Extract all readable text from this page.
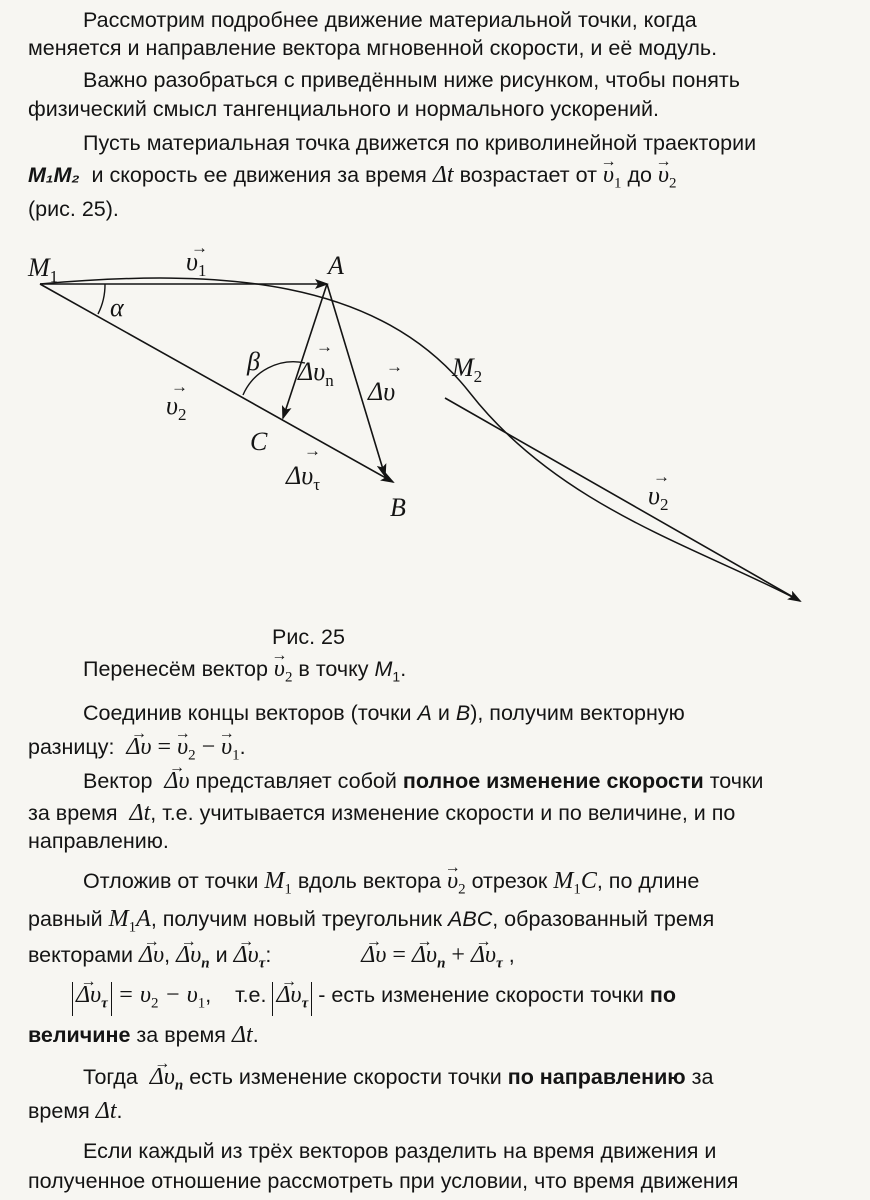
Рассмотрим подробнее движение материальной точки, когда
меняется и направление вектора мгновенной скорости, и её модуль.
Важно разобраться с приведённым ниже рисунком, чтобы понять
физический смысл тангенциального и нормального ускорений.
Пусть материальная точка движется по криволинейной траектории
M₁M₂ и скорость ее движения за время Δt возрастает от → $\upsilon_1$ до → $\upsilon_2$
(рис. 25).
$M_1$
$\upsilon_1$
→
A
α
β $\Delta\upsilon_n$
→
Δυ
→ $M_2$
$\upsilon_2$
→
C
$\Delta\upsilon_\tau$
→
B	$\upsilon_2$
→
Рис. 25
Перенесём вектор → $\upsilon_2$ в точку $M_1$.
Соединив концы векторов (точки A и B), получим векторную
разницу: → Δυ = → $\upsilon_2$ − → $\upsilon_1$.
Вектор → Δυ представляет собой полное изменение скорости точки
за время Δt, т.е. учитывается изменение скорости и по величине, и по
направлению.
Отложив от точки $M_1$ вдоль вектора → $\upsilon_2$ отрезок $M_1C$, по длине
равный $M_1A$, получим новый треугольник ABC, образованный тремя
векторами → Δυ, → $\Delta\upsilon_n$ $и \to \Delta\upsilon_\tau$:	→ Δυ = → $\Delta\upsilon_n$ + → $\Delta\upsilon_\tau$ ,
→ $\Delta\upsilon_\tau = \upsilon_2 - \upsilon_1$, т.е. → $\Delta\upsilon_\tau$ - есть изменение скорости точки по
величине за время Δt.
Тогда → $\Delta\upsilon_n$ есть изменение скорости точки по направлению за
время Δt.
Если каждый из трёх векторов разделить на время движения и
полученное отношение рассмотреть при условии, что время движения
